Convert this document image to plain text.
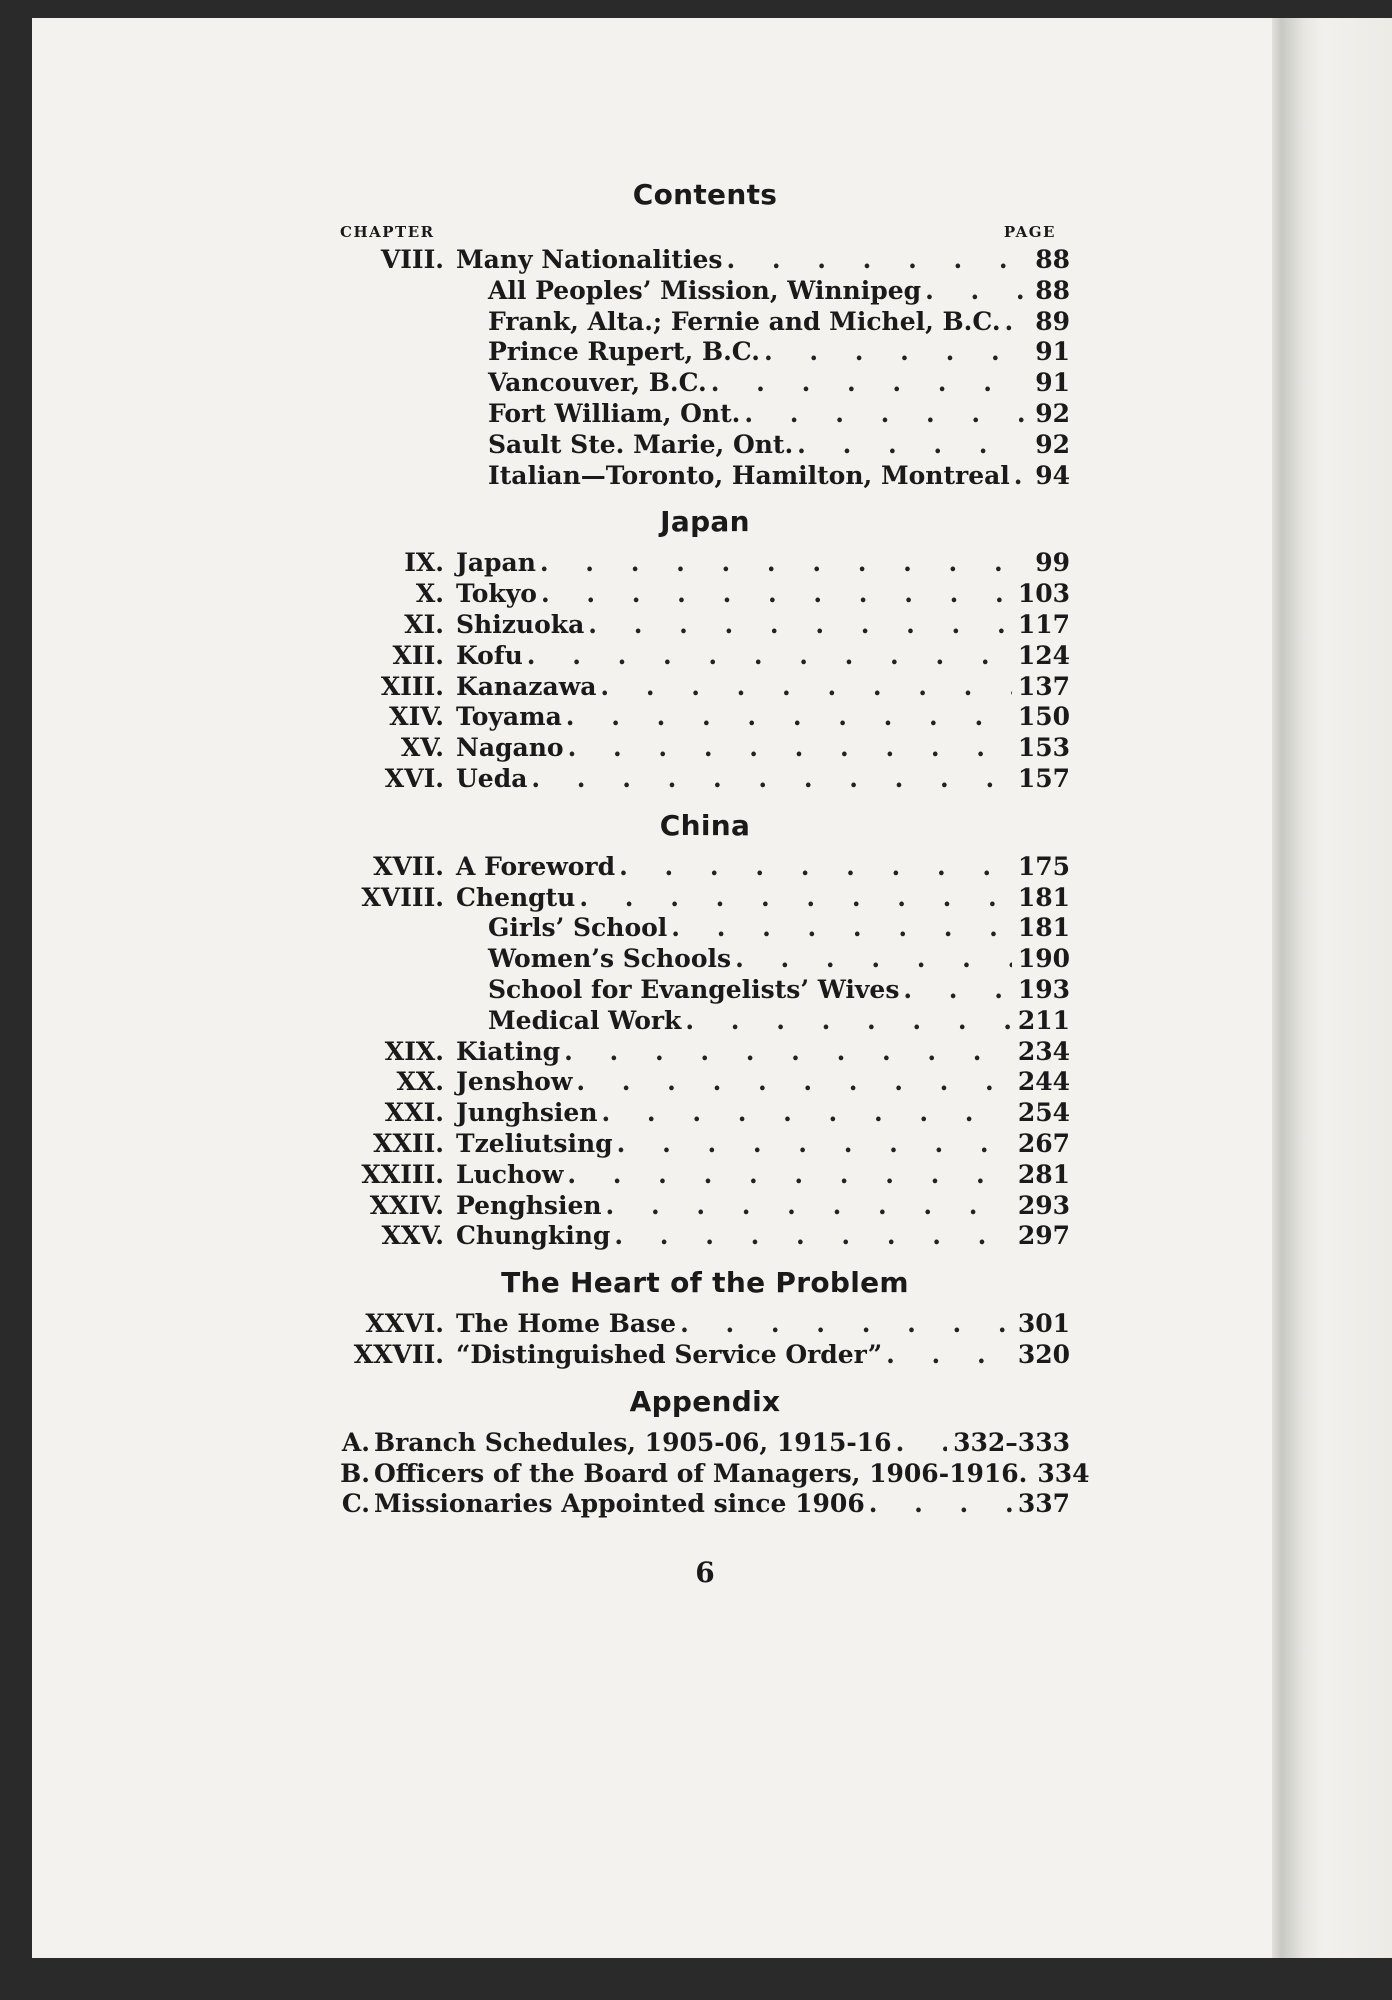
Contents
CHAPTER	PAGE
VIII. Many Nationalities . . .	88
All Peoples’ Mission, Winnipeg . . .	88
Frank, Alta.; Fernie and Michel, B.C. . . .	89
Prince Rupert, B.C. . . .	91
Vancouver, B.C. . . .	91
Fort William, Ont. . . .	92
Sault Ste. Marie, Ont. . . .	92
Italian—Toronto, Hamilton, Montreal . . .	94
Japan
IX. Japan . . .	99
X. Tokyo . . .	103
XI. Shizuoka . . .	117
XII. Kofu . . .	124
XIII. Kanazawa . . .	137
XIV. Toyama . . .	150
XV. Nagano . . .	153
XVI. Ueda . . .	157
China
XVII. A Foreword . . .	175
XVIII. Chengtu . . .	181
Girls’ School . . .	181
Women’s Schools . . .	190
School for Evangelists’ Wives . . .	193
Medical Work . . .	211
XIX. Kiating . . .	234
XX. Jenshow . . .	244
XXI. Junghsien . . .	254
XXII. Tzeliutsing . . .	267
XXIII. Luchow . . .	281
XXIV. Penghsien . . .	293
XXV. Chungking . . .	297
The Heart of the Problem
XXVI. The Home Base . . .	301
XXVII. “Distinguished Service Order” . . .	320
Appendix
A. Branch Schedules, 1905-06, 1915-16 . . . 332–333
B. Officers of the Board of Managers, 1906-1916. 334
C. Missionaries Appointed since 1906 . . .	337
6
